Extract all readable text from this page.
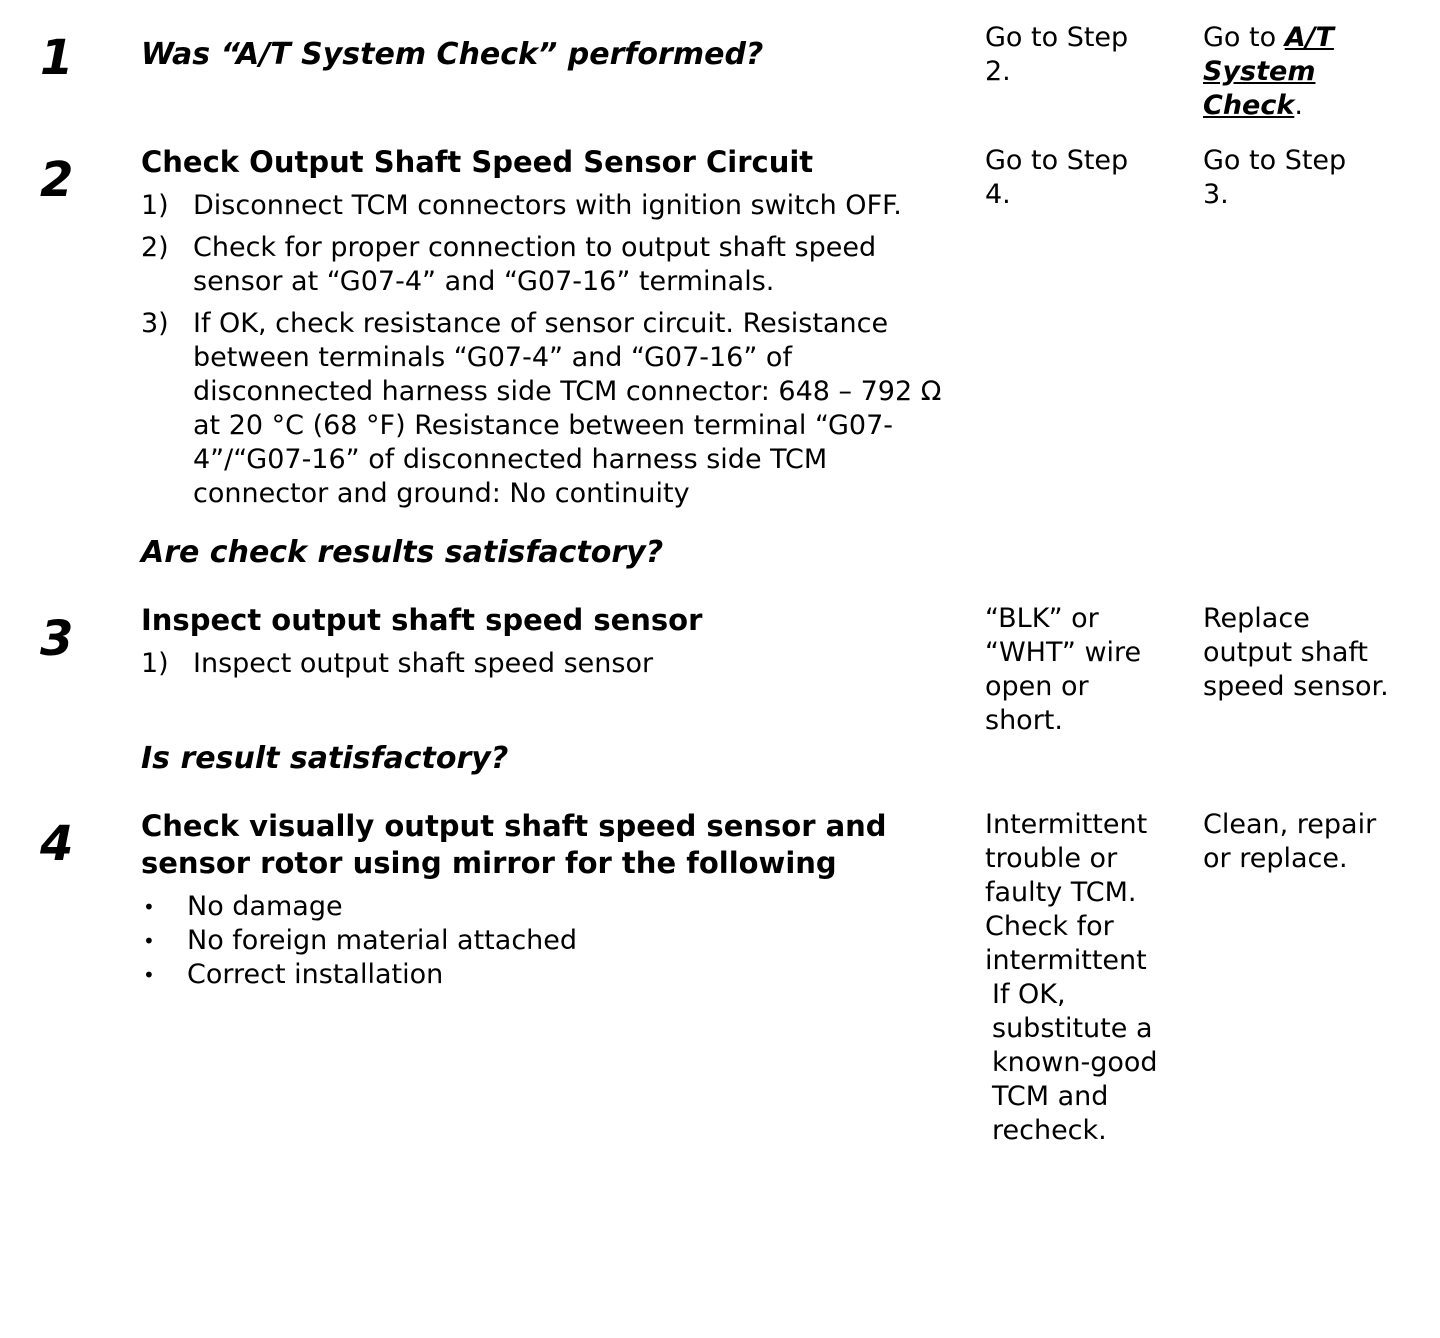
1 Was “A/T System Check” performed?	Go to Step 2.
Go to A/T System Check.
2 Check Output Shaft Speed Sensor Circuit

1) Disconnect TCM connectors with ignition switch OFF.
2) Check for proper connection to output shaft speed sensor at “G07-4” and “G07-16” terminals.
3) If OK, check resistance of sensor circuit. Resistance between terminals “G07-4” and “G07-16” of disconnected harness side TCM connector: 648 – 792 Ω at 20 °C (68 °F) Resistance between terminal “G07-4”/“G07-16” of disconnected harness side TCM connector and ground: No continuity

Are check results satisfactory?

Go to Step 4.
Go to Step 3.
3 Inspect output shaft speed sensor

1) Inspect output shaft speed sensor

Is result satisfactory?

“BLK” or “WHT” wire open or short.
Replace output shaft speed sensor.
4 Check visually output shaft speed sensor and sensor rotor using mirror for the following

• No damage
• No foreign material attached
• Correct installation
Intermittent trouble or faulty TCM. Check for intermittent
If OK, substitute a known-good TCM and recheck.
Clean, repair or replace.
